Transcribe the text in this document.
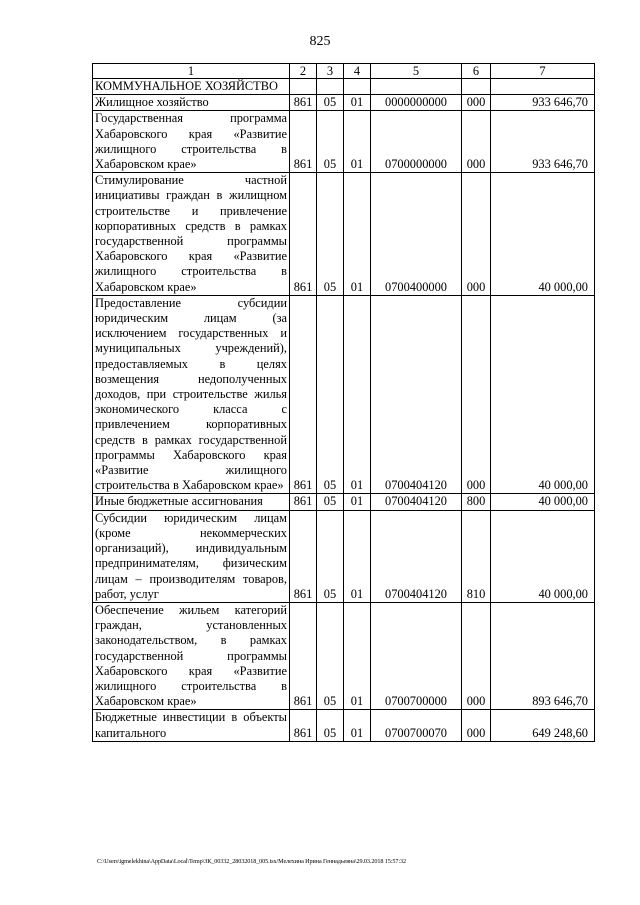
825
1	2	3	4	5	6	7
КОММУНАЛЬНОЕ ХОЗЯЙСТВО						
Жилищное хозяйство	861	05	01	0000000000	000	933 646,70
Государственная программа Хабаровского края «Развитие жилищного строительства в Хабаровском крае»	861	05	01	0700000000	000	933 646,70
Стимулирование частной инициативы граждан в жилищном строительстве и привлечение корпоративных средств в рамках государственной программы Хабаровского края «Развитие жилищного строительства в Хабаровском крае»	861	05	01	0700400000	000	40 000,00
Предоставление субсидии юридическим лицам (за исключением государственных и муниципальных учреждений), предоставляемых в целях возмещения недополученных доходов, при строительстве жилья экономического класса с привлечением корпоративных средств в рамках государственной программы Хабаровского края «Развитие жилищного строительства в Хабаровском крае»	861	05	01	0700404120	000	40 000,00
Иные бюджетные ассигнования	861	05	01	0700404120	800	40 000,00
Субсидии юридическим лицам (кроме некоммерческих организаций), индивидуальным предпринимателям, физическим лицам – производителям товаров, работ, услуг	861	05	01	0700404120	810	40 000,00
Обеспечение жильем категорий граждан, установленных законодательством, в рамках государственной программы Хабаровского края «Развитие жилищного строительства в Хабаровском крае»	861	05	01	0700700000	000	893 646,70
Бюджетные инвестиции в объекты капитального	861	05	01	0700700070	000	649 248,60
C:\Users\igmelekhina\AppData\Local\Temp\ЗК_00332_28032018_005.tsx/Мелехина Ирина Геннадьевна\29.03.2018 15:57:32
